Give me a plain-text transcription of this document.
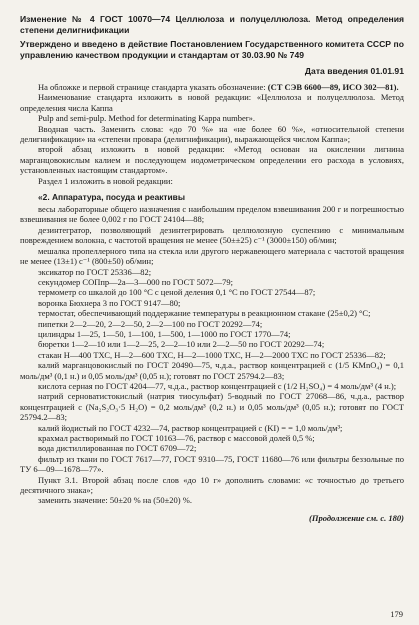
Изменение № 4 ГОСТ 10070—74 Целлюлоза и полуцеллюлоза. Метод определения степени делигнификации
Утверждено и введено в действие Постановлением Государственного комитета СССР по управлению качеством продукции и стандартам от 30.03.90 № 749
Дата введения 01.01.91

На обложке и первой странице стандарта указать обозначение: (СТ СЭВ 6600—89, ИСО 302—81).

Наименование стандарта изложить в новой редакции: «Целлюлоза и полуцеллюлоза. Метод определения числа Каппа

Pulp and semi-pulp. Method for determinating Kappa number».

Вводная часть. Заменить слова: «до 70 %» на «не более 60 %», «относительной степени делигнификации» на «степени провара (делигнификации), выражающейся числом Каппа»;

второй абзац изложить в новой редакции: «Метод основан на окислении лигнина марганцовокислым калием и последующем иодометрическом определении его расхода в условиях, установленных настоящим стандартом».

Раздел 1 изложить в новой редакции:

«2. Аппаратура, посуда и реактивы

весы лабораторные общего назначения с наибольшим пределом взвешивания 200 г и погрешностью взвешивания не более 0,002 г по ГОСТ 24104—88;

дезинтегратор, позволяющий дезинтегрировать целлюлозную суспензию с минимальным повреждением волокна, с частотой вращения не менее (50±±25) с⁻¹ (3000±150) об/мин;

мешалка пропеллерного типа на стекла или другого нержавеющего материала с частотой вращения не менее (13±1) с⁻¹ (800±50) об/мин;

эксикатор по ГОСТ 25336—82;

секундомер СОПпр—2а—3—000 по ГОСТ 5072—79;

термометр со шкалой до 100 °С с ценой деления 0,1 °С по ГОСТ 27544—87;

воронка Бюхнера 3 по ГОСТ 9147—80;

термостат, обеспечивающий поддержание температуры в реакционном стакане (25±0,2) °С;

пипетки 2—2—20, 2—2—50, 2—2—100 по ГОСТ 20292—74;

цилиндры 1—25, 1—50, 1—100, 1—500, 1—1000 по ГОСТ 1770—74;

бюретки 1—2—10 или 1—2—25, 2—2—10 или 2—2—50 по ГОСТ 20292—74;

стакан Н—400 ТХС, Н—2—600 ТХС, Н—2—1000 ТХС, Н—2—2000 ТХС по ГОСТ 25336—82;

калий марганцовокислый по ГОСТ 20490—75, ч.д.а., раствор концентрацией с (1/5 KMnO₄) = 0,1 моль/дм³ (0,1 н.) и 0,05 моль/дм³ (0,05 н.); готовят по ГОСТ 25794.2—83;

кислота серная по ГОСТ 4204—77, ч.д.а., раствор концентрацией с (1/2 H₂SO₄) = 4 моль/дм³ (4 н.);

натрий серноватистокислый (натрия тиосульфат) 5-водный по ГОСТ 27068—86, ч.д.а., раствор концентрацией с (Na₂S₂O₃·5 H₂O) = 0,2 моль/дм³ (0,2 н.) и 0,05 моль/дм³ (0,05 н.); готовят по ГОСТ 25794.2—83;

калий йодистый по ГОСТ 4232—74, раствор концентрацией с (KI) = = 1,0 моль/дм³;

крахмал растворимый по ГОСТ 10163—76, раствор с массовой долей 0,5 %;

вода дистиллированная по ГОСТ 6709—72;

фильтр из ткани по ГОСТ 7617—77, ГОСТ 9310—75, ГОСТ 11680—76 или фильтры беззольные по ТУ 6—09—1678—77».

Пункт 3.1. Второй абзац после слов «до 10 г» дополнить словами: «с точностью до третьего десятичного знака»;

заменить значение: 50±20 % на (50±20) %.

(Продолжение см. с. 180)
179
